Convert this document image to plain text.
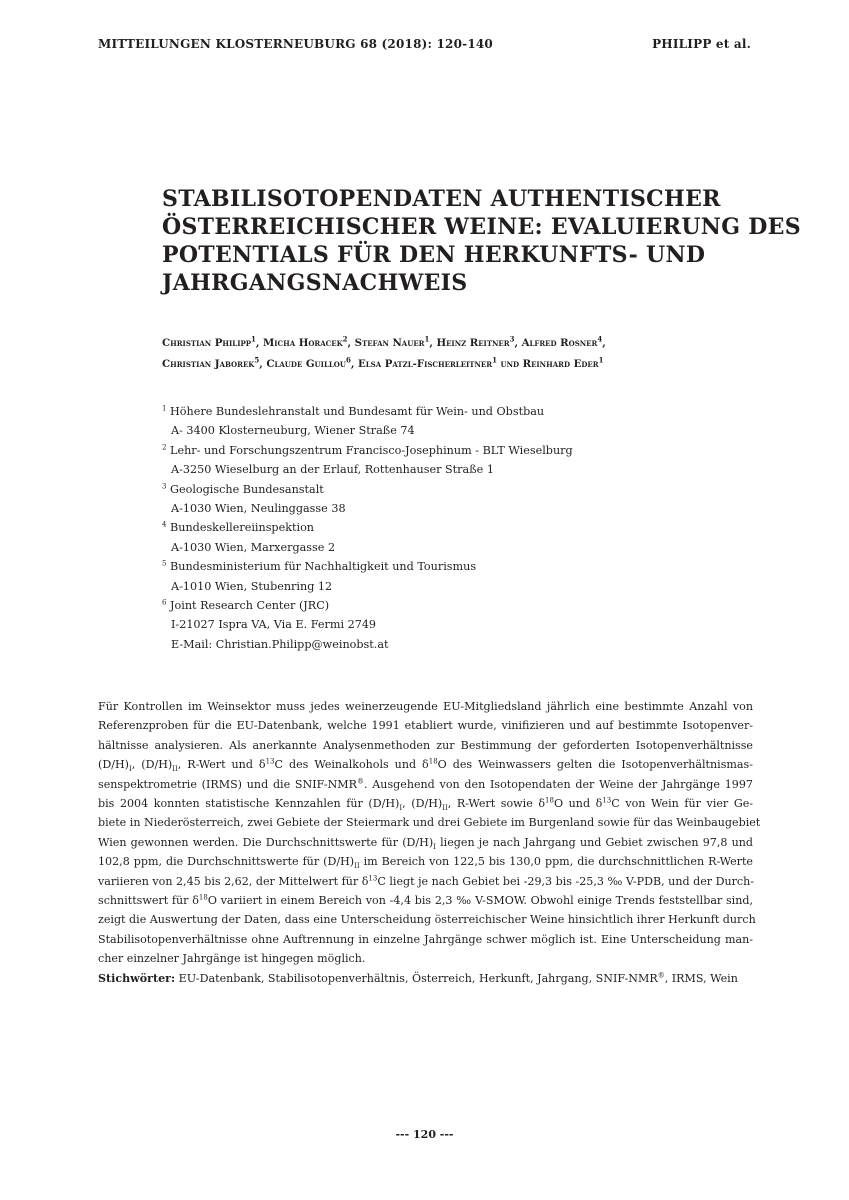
MITTEILUNGEN KLOSTERNEUBURG 68 (2018): 120-140	PHILIPP et al.
STABILISOTOPENDATEN AUTHENTISCHER
ÖSTERREICHISCHER WEINE: EVALUIERUNG DES
POTENTIALS FÜR DEN HERKUNFTS- UND
JAHRGANGSNACHWEIS
Christian Philipp$^1$, Micha Horacek$^2$, Stefan Nauer$^1$, Heinz Reitner$^3$, Alfred Rosner$^4$,
Christian Jaborek$^5$, Claude Guillou$^6$, Elsa Patzl-Fischerleitner$^1$ und Reinhard Eder$^1$
$^1$ Höhere Bundeslehranstalt und Bundesamt für Wein- und Obstbau
A- 3400 Klosterneuburg, Wiener Straße 74
$^2$ Lehr- und Forschungszentrum Francisco-Josephinum - BLT Wieselburg
A-3250 Wieselburg an der Erlauf, Rottenhauser Straße 1
$^3$ Geologische Bundesanstalt
A-1030 Wien, Neulinggasse 38
$^4$ Bundeskellereiinspektion
A-1030 Wien, Marxergasse 2
$^5$ Bundesministerium für Nachhaltigkeit und Tourismus
A-1010 Wien, Stubenring 12
$^6$ Joint Research Center (JRC)
I-21027 Ispra VA, Via E. Fermi 2749
E-Mail: Christian.Philipp@weinobst.at
Für Kontrollen im Weinsektor muss jedes weinerzeugende EU-Mitgliedsland jährlich eine bestimmte Anzahl von
Referenzproben für die EU-Datenbank, welche 1991 etabliert wurde, vinifizieren und auf bestimmte Isotopenver-
hältnisse analysieren. Als anerkannte Analysenmethoden zur Bestimmung der geforderten Isotopenverhältnisse
$(D/H)_I$, $(D/H)_{II}$, R-Wert und $\delta^{13}C$ des Weinalkohols und $\delta^{18}O$ des Weinwassers gelten die Isotopenverhältnismas-
senspektrometrie (IRMS) und die SNIF-NMR®. Ausgehend von den Isotopendaten der Weine der Jahrgänge 1997
bis 2004 konnten statistische Kennzahlen für $(D/H)_I$, $(D/H)_{II}$, R-Wert sowie $\delta^{18}O$ und $\delta^{13}C$ von Wein für vier Ge-
biete in Niederösterreich, zwei Gebiete der Steiermark und drei Gebiete im Burgenland sowie für das Weinbaugebiet
Wien gewonnen werden. Die Durchschnittswerte für $(D/H)_I$ liegen je nach Jahrgang und Gebiet zwischen 97,8 und
102,8 ppm, die Durchschnittswerte für $(D/H)_{II}$ im Bereich von 122,5 bis 130,0 ppm, die durchschnittlichen R-Werte
variieren von 2,45 bis 2,62, der Mittelwert für $\delta^{13}C$ liegt je nach Gebiet bei -29,3 bis -25,3 ‰ V-PDB, und der Durch-
schnittswert für $\delta^{18}O$ variiert in einem Bereich von -4,4 bis 2,3 ‰ V-SMOW. Obwohl einige Trends feststellbar sind,
zeigt die Auswertung der Daten, dass eine Unterscheidung österreichischer Weine hinsichtlich ihrer Herkunft durch
Stabilisotopenverhältnisse ohne Auftrennung in einzelne Jahrgänge schwer möglich ist. Eine Unterscheidung man-
cher einzelner Jahrgänge ist hingegen möglich.
Stichwörter: EU-Datenbank, Stabilisotopenverhältnis, Österreich, Herkunft, Jahrgang, SNIF-NMR®, IRMS, Wein
--- 120 ---
